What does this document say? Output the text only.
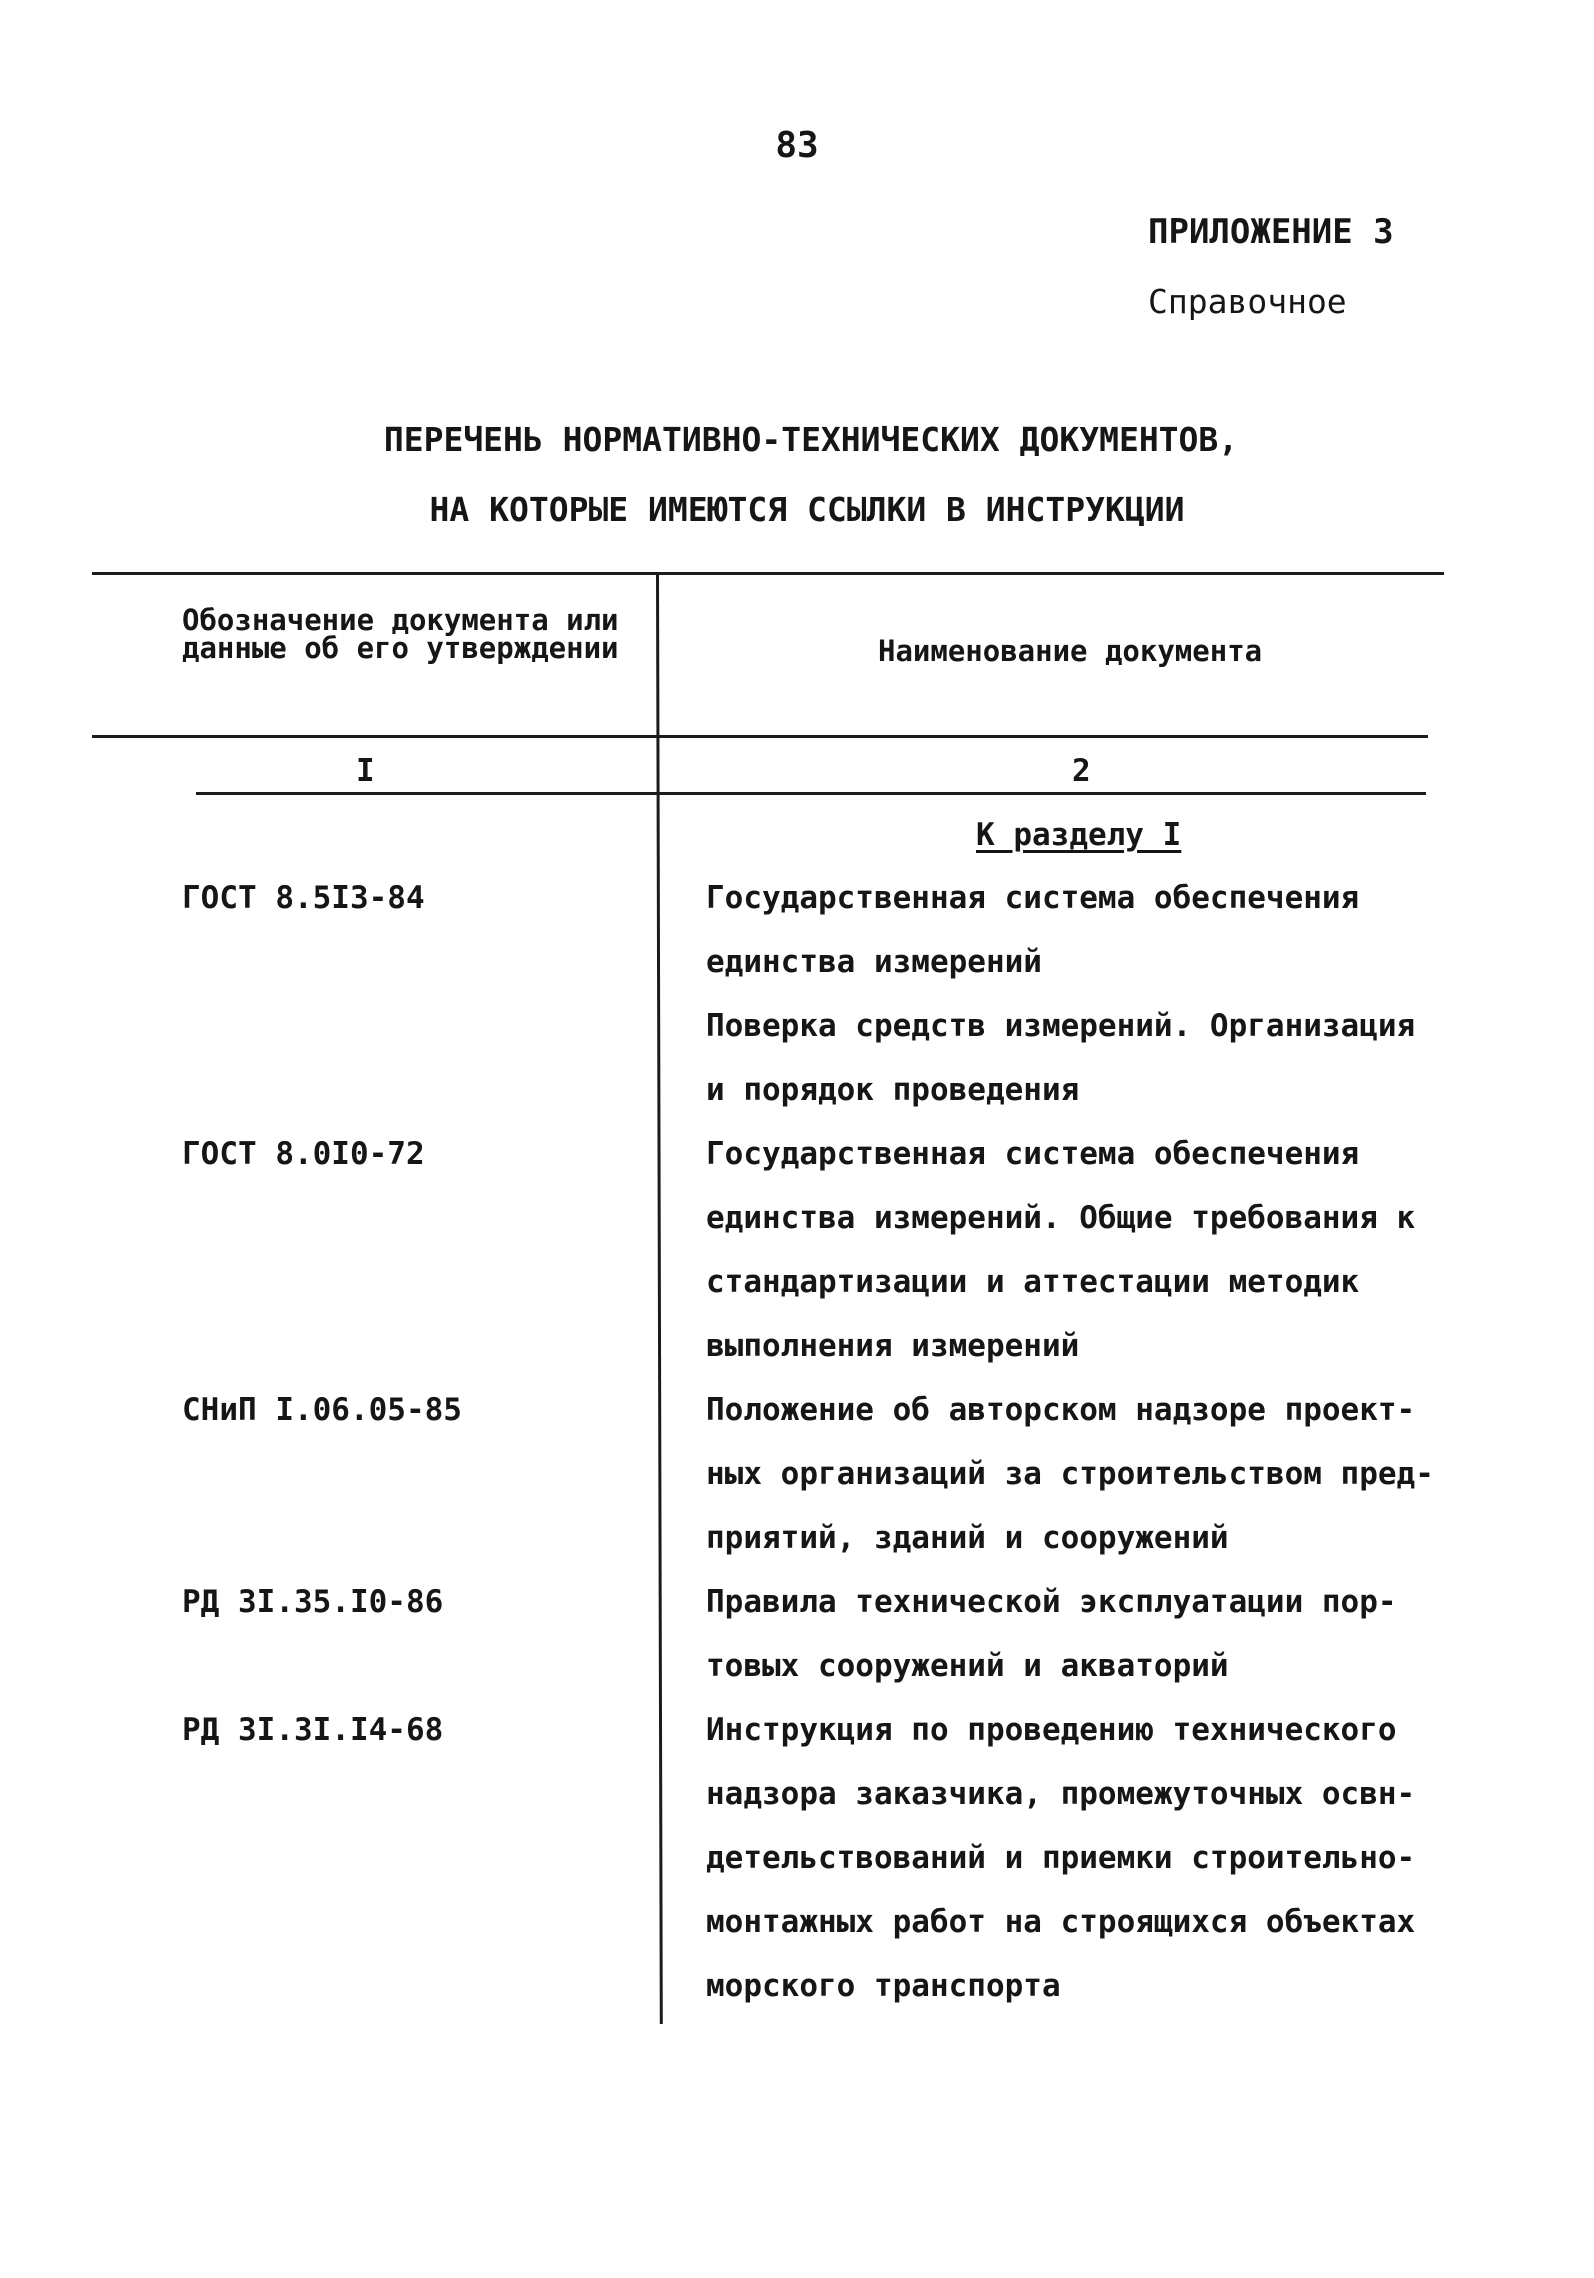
83
ПРИЛОЖЕНИЕ 3
Справочное
ПЕРЕЧЕНЬ НОРМАТИВНО-ТЕХНИЧЕСКИХ ДОКУМЕНТОВ,
НА КОТОРЫЕ ИМЕЮТСЯ ССЫЛКИ В ИНСТРУКЦИИ
Обозначение документа или данные об его утверждении	Наименование документа
I	2
К разделу I
ГОСТ 8.5I3-84	Государственная система обеспечения
единства измерений
Поверка средств измерений. Организация
и порядок проведения
ГОСТ 8.0I0-72	Государственная система обеспечения
единства измерений. Общие требования к
стандартизации и аттестации методик
выполнения измерений
СНиП I.06.05-85	Положение об авторском надзоре проект-
ных организаций за строительством пред-
приятий, зданий и сооружений
РД 3I.35.I0-86	Правила технической эксплуатации пор-
товых сооружений и акваторий
РД 3I.3I.I4-68	Инструкция по проведению технического
надзора заказчика, промежуточных освн-
детельствований и приемки строительно-
монтажных работ на строящихся объектах
морского транспорта
